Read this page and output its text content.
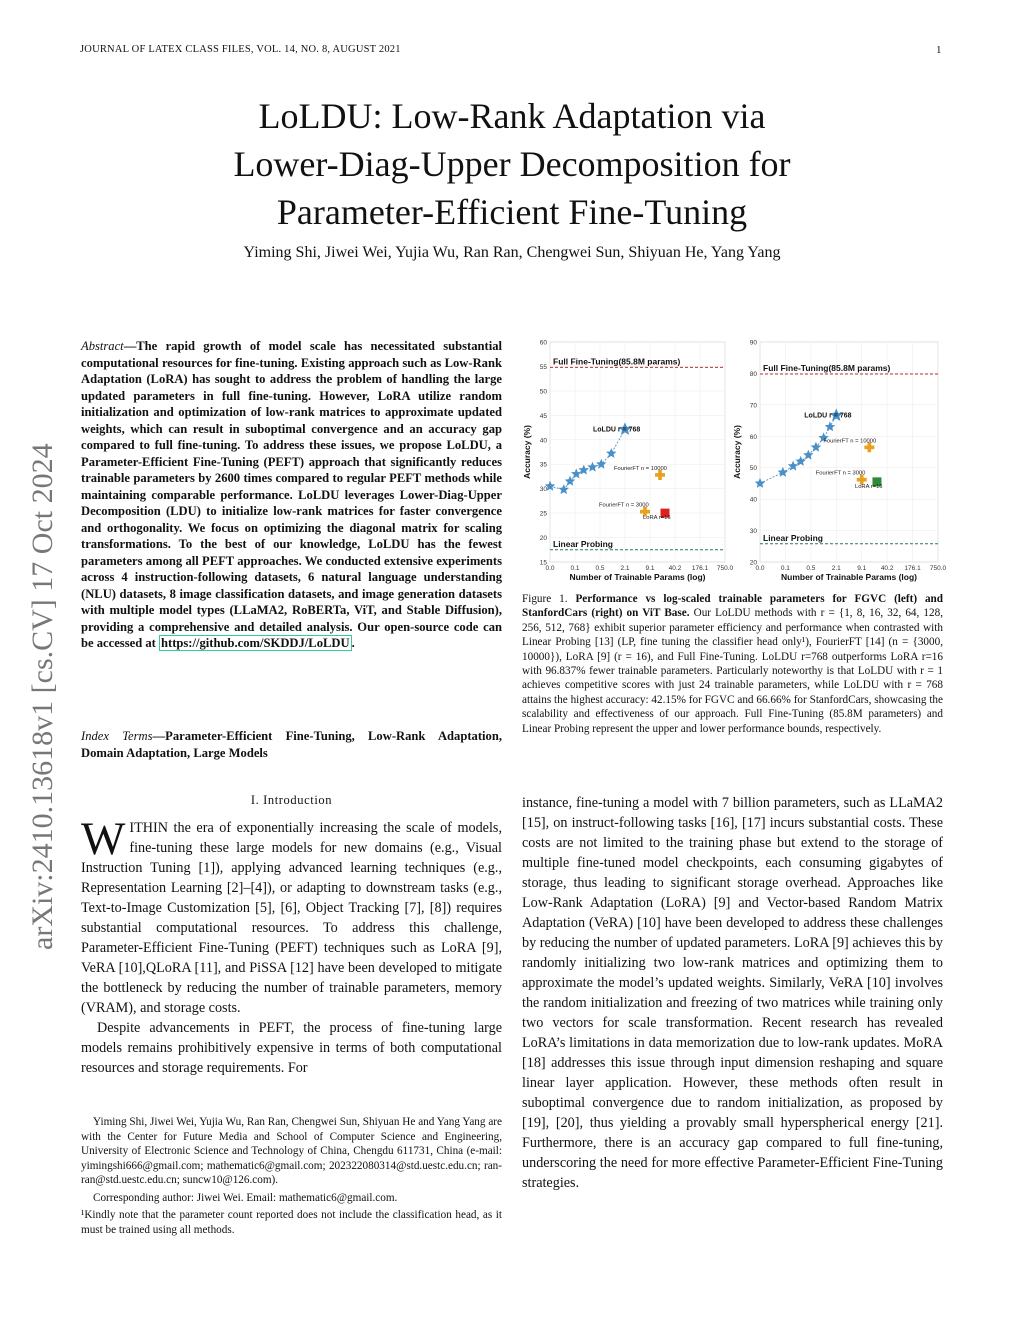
JOURNAL OF LATEX CLASS FILES, VOL. 14, NO. 8, AUGUST 2021	1
arXiv:2410.13618v1 [cs.CV] 17 Oct 2024
LoLDU: Low-Rank Adaptation via
Lower-Diag-Upper Decomposition for
Parameter-Efficient Fine-Tuning
Yiming Shi, Jiwei Wei, Yujia Wu, Ran Ran, Chengwei Sun, Shiyuan He, Yang Yang
Abstract—The rapid growth of model scale has necessitated substantial computational resources for fine-tuning. Existing approach such as Low-Rank Adaptation (LoRA) has sought to address the problem of handling the large updated parameters in full fine-tuning. However, LoRA utilize random initialization and optimization of low-rank matrices to approximate updated weights, which can result in suboptimal convergence and an accuracy gap compared to full fine-tuning. To address these issues, we propose LoLDU, a Parameter-Efficient Fine-Tuning (PEFT) approach that significantly reduces trainable parameters by 2600 times compared to regular PEFT methods while maintaining comparable performance. LoLDU leverages Lower-Diag-Upper Decomposition (LDU) to initialize low-rank matrices for faster convergence and orthogonality. We focus on optimizing the diagonal matrix for scaling transformations. To the best of our knowledge, LoLDU has the fewest parameters among all PEFT approaches. We conducted extensive experiments across 4 instruction-following datasets, 6 natural language understanding (NLU) datasets, 8 image classification datasets, and image generation datasets with multiple model types (LLaMA2, RoBERTa, ViT, and Stable Diffusion), providing a comprehensive and detailed analysis. Our open-source code can be accessed at https://github.com/SKDDJ/LoLDU .
Index Terms—Parameter-Efficient Fine-Tuning, Low-Rank Adaptation, Domain Adaptation, Large Models
I. Introduction
W ITHIN the era of exponentially increasing the scale of models, fine-tuning these large models for new domains (e.g., Visual Instruction Tuning [1]), applying advanced learning techniques (e.g., Representation Learning [2]–[4]), or adapting to downstream tasks (e.g., Text-to-Image Customization [5], [6], Object Tracking [7], [8]) requires substantial computational resources. To address this challenge, Parameter-Efficient Fine-Tuning (PEFT) techniques such as LoRA [9], VeRA [10],QLoRA [11], and PiSSA [12] have been developed to mitigate the bottleneck by reducing the number of trainable parameters, memory (VRAM), and storage costs.
Despite advancements in PEFT, the process of fine-tuning large models remains prohibitively expensive in terms of both computational resources and storage requirements. For
Yiming Shi, Jiwei Wei, Yujia Wu, Ran Ran, Chengwei Sun, Shiyuan He and Yang Yang are with the Center for Future Media and School of Computer Science and Engineering, University of Electronic Science and Technology of China, Chengdu 611731, China (e-mail: yimingshi666@gmail.com; mathematic6@gmail.com; 202322080314@std.uestc.edu.cn; ran-ran@std.uestc.edu.cn; suncw10@126.com).
Corresponding author: Jiwei Wei. Email: mathematic6@gmail.com.
¹Kindly note that the parameter count reported does not include the classification head, as it must be trained using all methods.
15
20
25
30
35
40
45
50
55
60
0.0 0.1 0.5 2.1 9.1 40.2 176.1 750.0
Number of Trainable Params (log)
Accuracy (%)
Full Fine-Tuning(85.8M params)
Linear Probing
LoLDU r = 768
FourierFT n = 10000
FourierFT n = 3000
LoRA r=16
20
30
40
50
60
70
80
90
0.0	0.1	0.5	2.1	9.1 40.2 176.1 750.0
Number of Trainable Params (log)
Accuracy (%)
Full Fine-Tuning(85.8M params)
Linear Probing
LoLDU r = 768
FourierFT n = 10000
FourierFT n = 3000
LoRA r=16
Figure 1. Performance vs log-scaled trainable parameters for FGVC (left) and StanfordCars (right) on ViT Base. Our LoLDU methods with r = {1, 8, 16, 32, 64, 128, 256, 512, 768} exhibit superior parameter efficiency and performance when contrasted with Linear Probing [13] (LP, fine tuning the classifier head only¹), FourierFT [14] (n = {3000, 10000}), LoRA [9] (r = 16), and Full Fine-Tuning. LoLDU r=768 outperforms LoRA r=16 with 96.837% fewer trainable parameters. Particularly noteworthy is that LoLDU with r = 1 achieves competitive scores with just 24 trainable parameters, while LoLDU with r = 768 attains the highest accuracy: 42.15% for FGVC and 66.66% for StanfordCars, showcasing the scalability and effectiveness of our approach. Full Fine-Tuning (85.8M parameters) and Linear Probing represent the upper and lower performance bounds, respectively.
instance, fine-tuning a model with 7 billion parameters, such as LLaMA2 [15], on instruct-following tasks [16], [17] incurs substantial costs. These costs are not limited to the training phase but extend to the storage of multiple fine-tuned model checkpoints, each consuming gigabytes of storage, thus leading to significant storage overhead. Approaches like Low-Rank Adaptation (LoRA) [9] and Vector-based Random Matrix Adaptation (VeRA) [10] have been developed to address these challenges by reducing the number of updated parameters. LoRA [9] achieves this by randomly initializing two low-rank matrices and optimizing them to approximate the model’s updated weights. Similarly, VeRA [10] involves the random initialization and freezing of two matrices while training only two vectors for scale transformation. Recent research has revealed LoRA’s limitations in data memorization due to low-rank updates. MoRA [18] addresses this issue through input dimension reshaping and square linear layer application. However, these methods often result in suboptimal convergence due to random initialization, as proposed by [19], [20], thus yielding a provably small hyperspherical energy [21]. Furthermore, there is an accuracy gap compared to full fine-tuning, underscoring the need for more effective Parameter-Efficient Fine-Tuning strategies.
